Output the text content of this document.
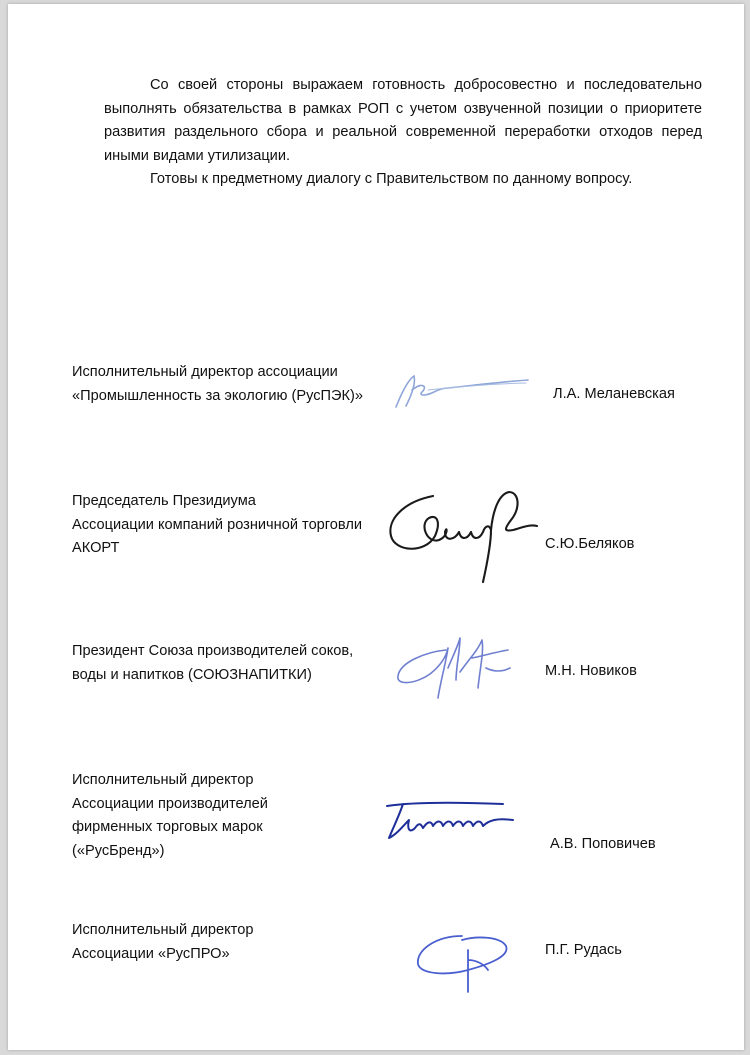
Со своей стороны выражаем готовность добросовестно и последовательно выполнять обязательства в рамках РОП с учетом озвученной позиции о приоритете развития раздельного сбора и реальной современной переработки отходов перед иными видами утилизации.

Готовы к предметному диалогу с Правительством по данному вопросу.

Исполнительный директор ассоциации
«Промышленность за экологию (РусПЭК)»	Л.А. Меланевская
Председатель Президиума
Ассоциации компаний розничной торговли
АКОРТ	С.Ю.Беляков
Президент Союза производителей соков,
воды и напитков (СОЮЗНАПИТКИ)	М.Н. Новиков
Исполнительный директор
Ассоциации производителей
фирменных торговых марок
(«РусБренд»)	А.В. Поповичев
Исполнительный директор
Ассоциации «РусПРО»	П.Г. Рудась
